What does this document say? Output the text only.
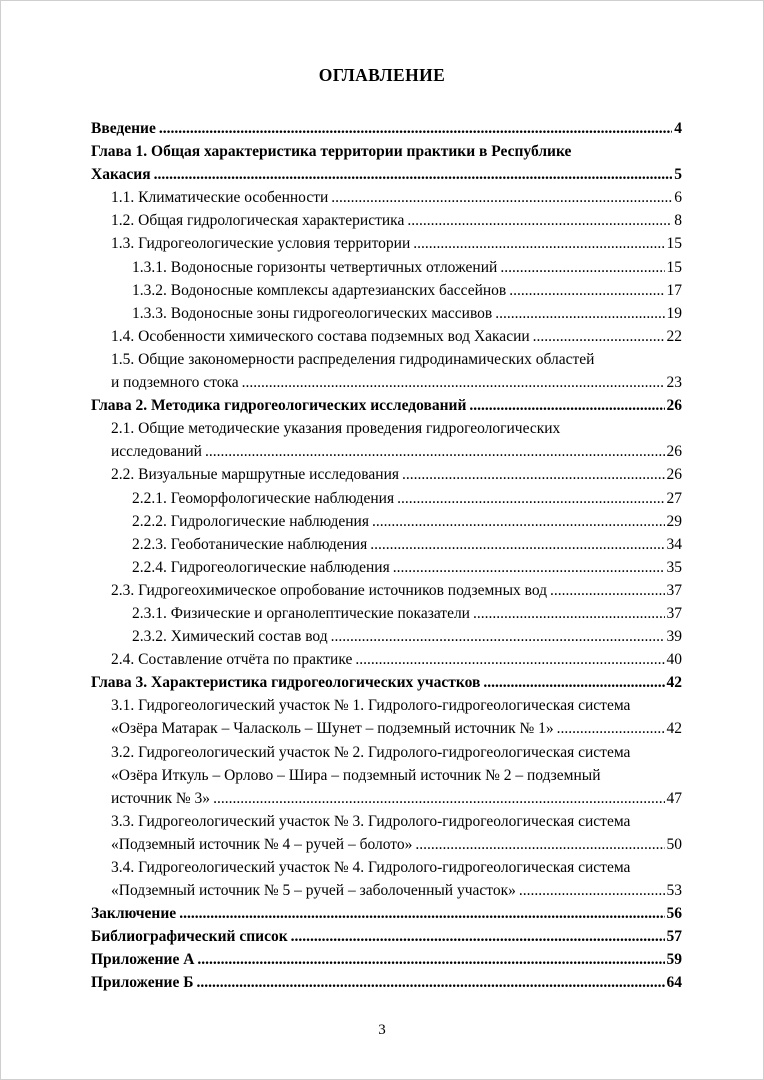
ОГЛАВЛЕНИЕ
Введение .....	4
Глава 1. Общая характеристика территории практики в Республике
Хакасия .....	5
1.1. Климатические особенности .....	6
1.2. Общая гидрологическая характеристика .....	8
1.3. Гидрогеологические условия территории .....	15
1.3.1. Водоносные горизонты четвертичных отложений .....	15
1.3.2. Водоносные комплексы адартезианских бассейнов .....	17
1.3.3. Водоносные зоны гидрогеологических массивов .....	19
1.4. Особенности химического состава подземных вод Хакасии .....	22
1.5. Общие закономерности распределения гидродинамических областей
и подземного стока .....	23
Глава 2. Методика гидрогеологических исследований .....	26
2.1. Общие методические указания проведения гидрогеологических
исследований .....	26
2.2. Визуальные маршрутные исследования .....	26
2.2.1. Геоморфологические наблюдения .....	27
2.2.2. Гидрологические наблюдения .....	29
2.2.3. Геоботанические наблюдения .....	34
2.2.4. Гидрогеологические наблюдения .....	35
2.3. Гидрогеохимическое опробование источников подземных вод .....	37
2.3.1. Физические и органолептические показатели .....	37
2.3.2. Химический состав вод .....	39
2.4. Составление отчёта по практике .....	40
Глава 3. Характеристика гидрогеологических участков .....	42
3.1. Гидрогеологический участок № 1. Гидролого-гидрогеологическая система
«Озёра Матарак – Чаласколь – Шунет – подземный источник № 1» .....	42
3.2. Гидрогеологический участок № 2. Гидролого-гидрогеологическая система
«Озёра Иткуль – Орлово – Шира – подземный источник № 2 – подземный
источник № 3» .....	47
3.3. Гидрогеологический участок № 3. Гидролого-гидрогеологическая система
«Подземный источник № 4 – ручей – болото» .....	50
3.4. Гидрогеологический участок № 4. Гидролого-гидрогеологическая система
«Подземный источник № 5 – ручей – заболоченный участок» .....	53
Заключение .....	56
Библиографический список .....	57
Приложение А .....	59
Приложение Б .....	64
3
